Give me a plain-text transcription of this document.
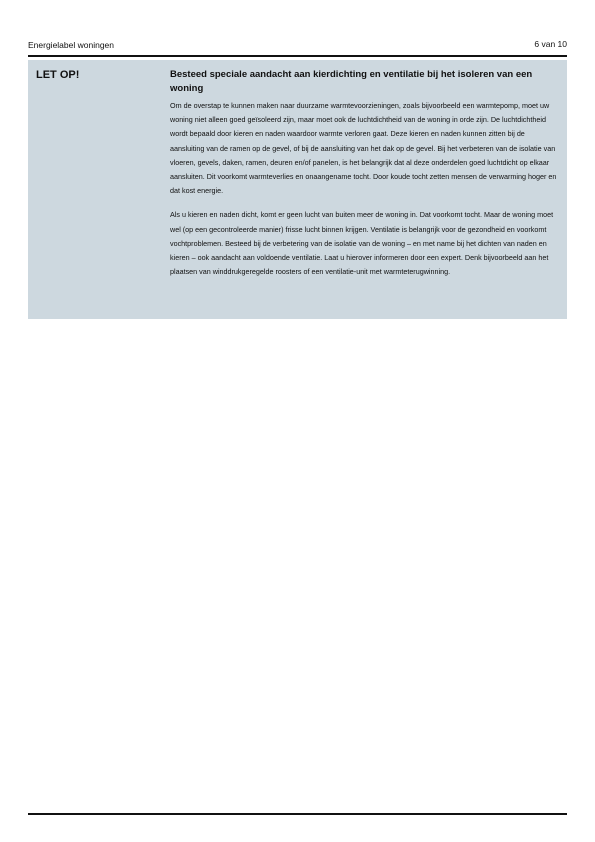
Energielabel woningen	6 van 10
LET OP!	Besteed speciale aandacht aan kierdichting en ventilatie bij het isoleren van een woning

Om de overstap te kunnen maken naar duurzame warmtevoorzieningen, zoals bijvoorbeeld een warmtepomp, moet uw woning niet alleen goed geïsoleerd zijn, maar moet ook de luchtdichtheid van de woning in orde zijn. De luchtdichtheid wordt bepaald door kieren en naden waardoor warmte verloren gaat. Deze kieren en naden kunnen zitten bij de aansluiting van de ramen op de gevel, of bij de aansluiting van het dak op de gevel. Bij het verbeteren van de isolatie van vloeren, gevels, daken, ramen, deuren en/of panelen, is het belangrijk dat al deze onderdelen goed luchtdicht op elkaar aansluiten. Dit voorkomt warmteverlies en onaangename tocht. Door koude tocht zetten mensen de verwarming hoger en dat kost energie.

Als u kieren en naden dicht, komt er geen lucht van buiten meer de woning in. Dat voorkomt tocht. Maar de woning moet wel (op een gecontroleerde manier) frisse lucht binnen krijgen. Ventilatie is belangrijk voor de gezondheid en voorkomt vochtproblemen. Besteed bij de verbetering van de isolatie van de woning – en met name bij het dichten van naden en kieren – ook aandacht aan voldoende ventilatie. Laat u hierover informeren door een expert. Denk bijvoorbeeld aan het plaatsen van winddrukgeregelde roosters of een ventilatie-unit met warmteterugwinning.
